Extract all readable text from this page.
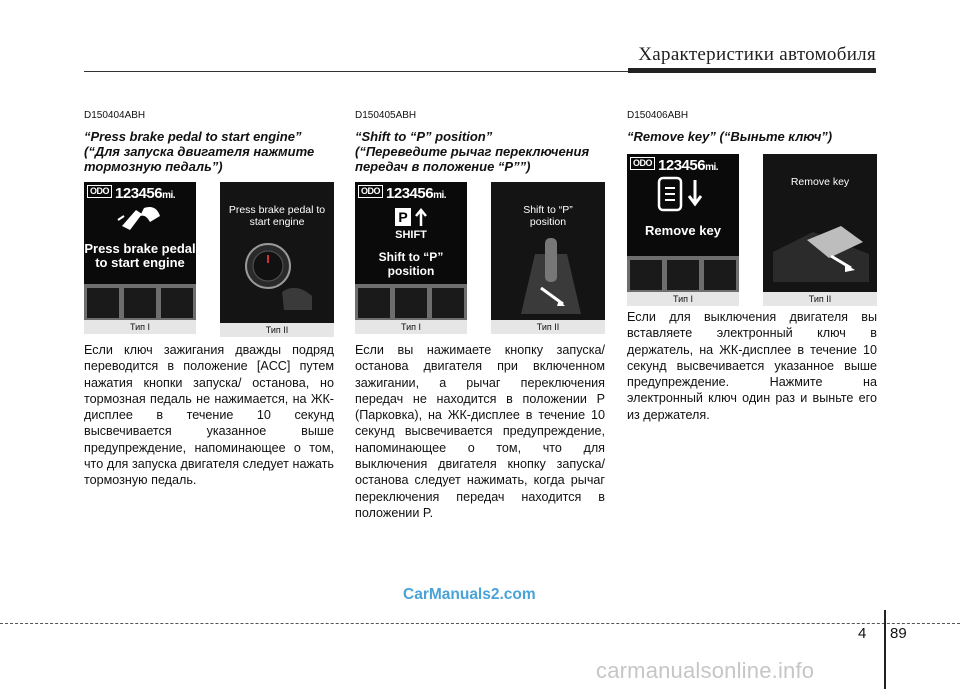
Характеристики автомобиля
D150404ABH
“Press brake pedal to start engine”
(“Для запуска двигателя нажмите тормозную педаль”)
ODO 123456mi.
Press brake pedal to start engine
Тип I
Press brake pedal to start engine
Тип II
Если ключ зажигания дважды подряд переводится в положение [ACC] путем нажатия кнопки запуска/ останова, но тормозная педаль не нажимается, на ЖК-дисплее в течение 10 секунд высвечивается указанное выше предупреждение, напоминающее о том, что для запуска двигателя следует нажать тормозную педаль.
D150405ABH
“Shift to “P” position”
(“Переведите рычаг переключения передач в положение “P””)
ODO 123456mi.
P
SHIFT
Shift to “P” position
Тип I
Shift to “P” position
Тип II
Если вы нажимаете кнопку запуска/ останова двигателя при включенном зажигании, а рычаг переключения передач не находится в положении P (Парковка), на ЖК-дисплее в течение 10 секунд высвечивается предупреждение, напоминающее о том, что для выключения двигателя кнопку запуска/останова следует нажимать, когда рычаг переключения передач находится в положении P.
D150406ABH
“Remove key” (“Выньте ключ”)
ODO 123456mi.
Remove key
Тип I
Remove key
Тип II
Если для выключения двигателя вы вставляете электронный ключ в держатель, на ЖК-дисплее в течение 10 секунд высвечивается указанное выше предупреждение. Нажмите на электронный ключ один раз и выньте его из держателя.
CarManuals2.com
4 89
carmanualsonline.info
